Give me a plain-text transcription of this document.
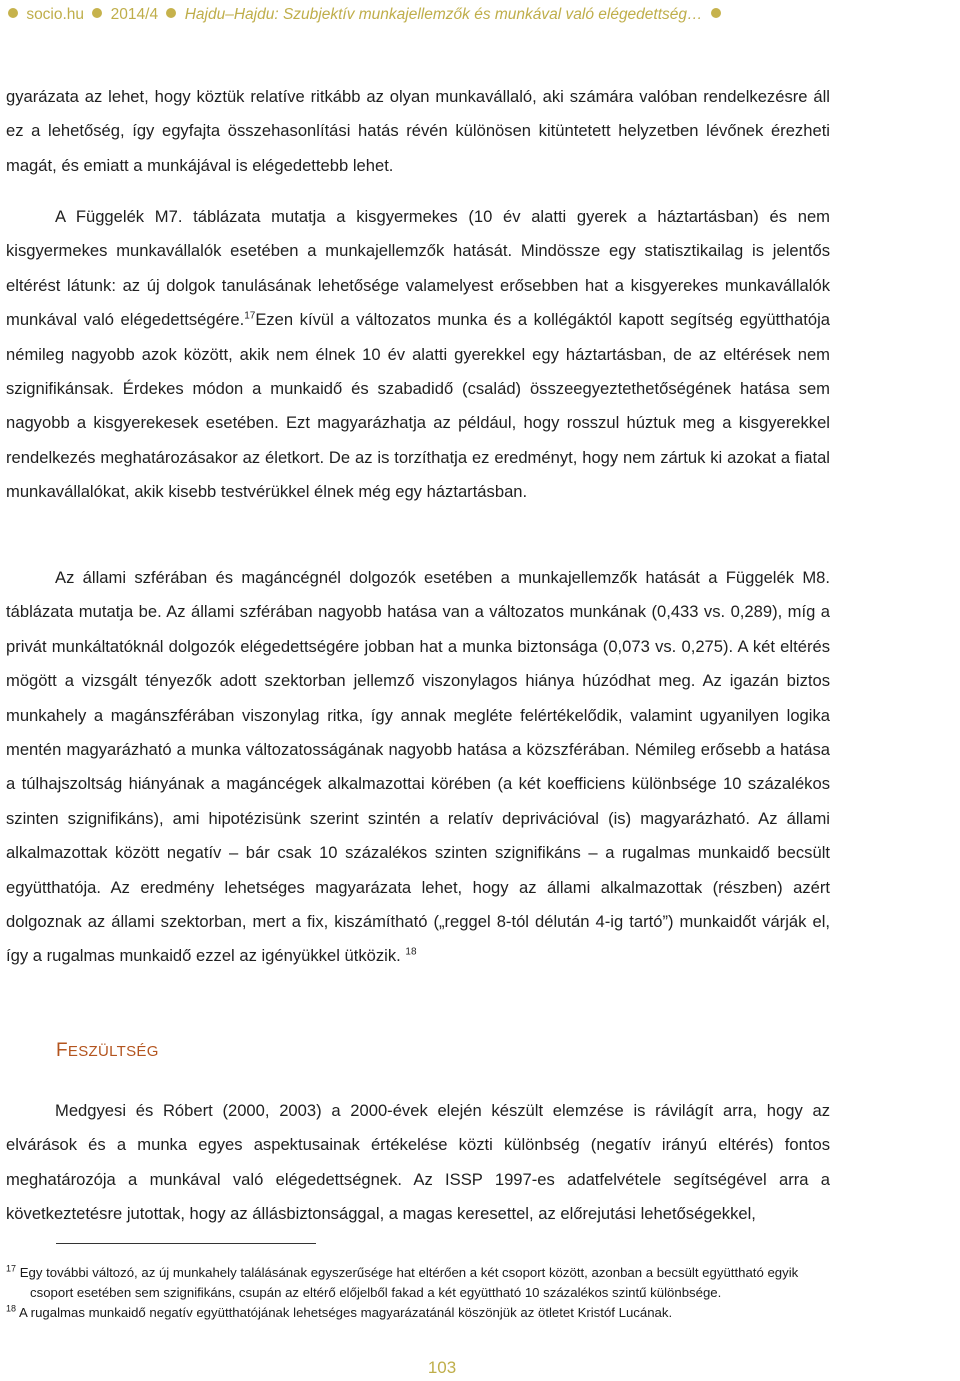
socio.hu 2014/4 Hajdu–Hajdu: Szubjektív munkajellemzők és munkával való elégedettség…

gyarázata az lehet, hogy köztük relatíve ritkább az olyan munkavállaló, aki számára valóban rendelkezésre áll ez a lehetőség, így egyfajta összehasonlítási hatás révén különösen kitüntetett helyzetben lévőnek érezheti magát, és emiatt a munkájával is elégedettebb lehet.

A Függelék M7. táblázata mutatja a kisgyermekes (10 év alatti gyerek a háztartásban) és nem kisgyermekes munkavállalók esetében a munkajellemzők hatását. Mindössze egy statisztikailag is jelentős eltérést látunk: az új dolgok tanulásának lehetősége valamelyest erősebben hat a kisgyerekes munkavállalók munkával való elégedettségére.$^{17}$Ezen kívül a változatos munka és a kollégáktól kapott segítség együtthatója némileg nagyobb azok között, akik nem élnek 10 év alatti gyerekkel egy háztartásban, de az eltérések nem szignifikánsak. Érdekes módon a munkaidő és szabadidő (család) összeegyeztethetőségének hatása sem nagyobb a kisgyerekesek esetében. Ezt magyarázhatja az például, hogy rosszul húztuk meg a kisgyerekkel rendelkezés meghatározásakor az életkort. De az is torzíthatja ez eredményt, hogy nem zártuk ki azokat a fiatal munkavállalókat, akik kisebb testvérükkel élnek még egy háztartásban.

Az állami szférában és magáncégnél dolgozók esetében a munkajellemzők hatását a Függelék M8. táblázata mutatja be. Az állami szférában nagyobb hatása van a változatos munkának (0,433 vs. 0,289), míg a privát munkáltatóknál dolgozók elégedettségére jobban hat a munka biztonsága (0,073 vs. 0,275). A két eltérés mögött a vizsgált tényezők adott szektorban jellemző viszonylagos hiánya húzódhat meg. Az igazán biztos munkahely a magánszférában viszonylag ritka, így annak megléte felértékelődik, valamint ugyanilyen logika mentén magyarázható a munka változatosságának nagyobb hatása a közszférában. Némileg erősebb a hatása a túlhajszoltság hiányának a magáncégek alkalmazottai körében (a két koefficiens különbsége 10 százalékos szinten szignifikáns), ami hipotézisünk szerint szintén a relatív deprivációval (is) magyarázható. Az állami alkalmazottak között negatív – bár csak 10 százalékos szinten szignifikáns – a rugalmas munkaidő becsült együtthatója. Az eredmény lehetséges magyarázata lehet, hogy az állami alkalmazottak (részben) azért dolgoznak az állami szektorban, mert a fix, kiszámítható („reggel 8-tól délután 4-ig tartó”) munkaidőt várják el, így a rugalmas munkaidő ezzel az igényükkel ütközik. $^{18}$

FESZÜLTSÉG

Medgyesi és Róbert (2000, 2003) a 2000-évek elején készült elemzése is rávilágít arra, hogy az elvárások és a munka egyes aspektusainak értékelése közti különbség (negatív irányú eltérés) fontos meghatározója a munkával való elégedettségnek. Az ISSP 1997-es adatfelvétele segítségével arra a következtetésre jutottak, hogy az állásbiztonsággal, a magas keresettel, az előrejutási lehetőségekkel,

$^{17}$ Egy további változó, az új munkahely találásának egyszerűsége hat eltérően a két csoport között, azonban a becsült együttható egyik csoport esetében sem szignifikáns, csupán az eltérő előjelből fakad a két együttható 10 százalékos szintű különbsége.

$^{18}$ A rugalmas munkaidő negatív együtthatójának lehetséges magyarázatánál köszönjük az ötletet Kristóf Lucának.

103
